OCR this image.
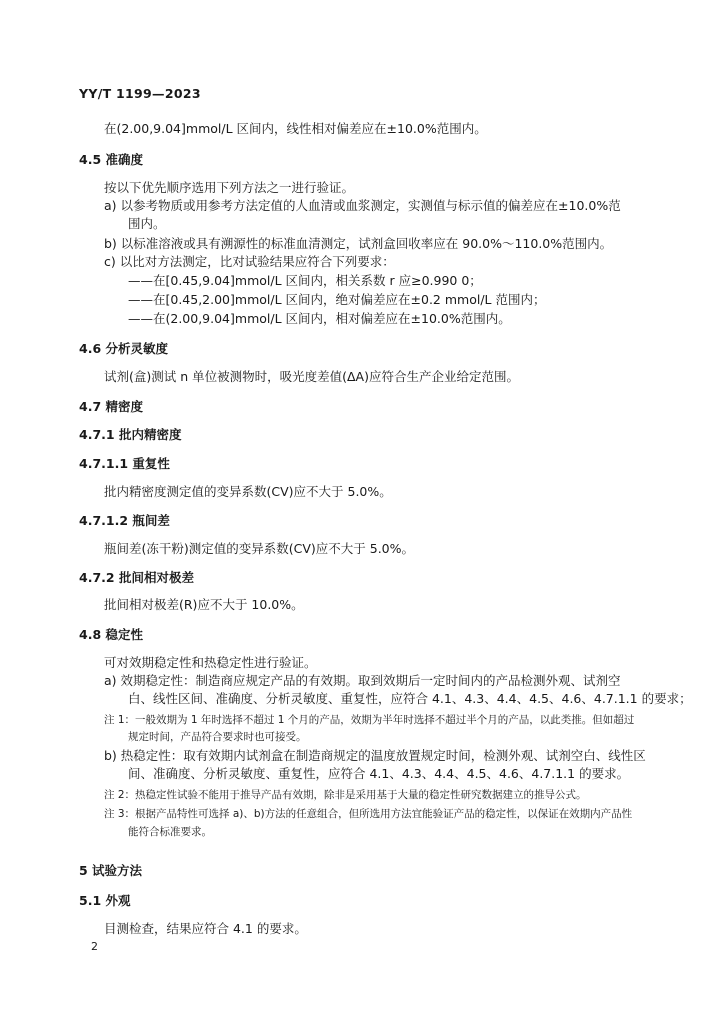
YY/T 1199—2023
在(2.00,9.04]mmol/L 区间内，线性相对偏差应在±10.0%范围内。
4.5 准确度
按以下优先顺序选用下列方法之一进行验证。
a) 以参考物质或用参考方法定值的人血清或血浆测定，实测值与标示值的偏差应在±10.0%范
围内。
b) 以标准溶液或具有溯源性的标准血清测定，试剂盒回收率应在 90.0%～110.0%范围内。
c) 以比对方法测定，比对试验结果应符合下列要求：
——在[0.45,9.04]mmol/L 区间内，相关系数 r 应≥0.990 0；
——在[0.45,2.00]mmol/L 区间内，绝对偏差应在±0.2 mmol/L 范围内；
——在(2.00,9.04]mmol/L 区间内，相对偏差应在±10.0%范围内。
4.6 分析灵敏度
试剂(盒)测试 n 单位被测物时，吸光度差值(ΔA)应符合生产企业给定范围。
4.7 精密度
4.7.1 批内精密度
4.7.1.1 重复性
批内精密度测定值的变异系数(CV)应不大于 5.0%。
4.7.1.2 瓶间差
瓶间差(冻干粉)测定值的变异系数(CV)应不大于 5.0%。
4.7.2 批间相对极差
批间相对极差(R)应不大于 10.0%。
4.8 稳定性
可对效期稳定性和热稳定性进行验证。
a) 效期稳定性：制造商应规定产品的有效期。取到效期后一定时间内的产品检测外观、试剂空
白、线性区间、准确度、分析灵敏度、重复性，应符合 4.1、4.3、4.4、4.5、4.6、4.7.1.1 的要求；
注 1：一般效期为 1 年时选择不超过 1 个月的产品，效期为半年时选择不超过半个月的产品，以此类推。但如超过
规定时间，产品符合要求时也可接受。
b) 热稳定性：取有效期内试剂盒在制造商规定的温度放置规定时间，检测外观、试剂空白、线性区
间、准确度、分析灵敏度、重复性，应符合 4.1、4.3、4.4、4.5、4.6、4.7.1.1 的要求。
注 2：热稳定性试验不能用于推导产品有效期，除非是采用基于大量的稳定性研究数据建立的推导公式。
注 3：根据产品特性可选择 a)、b)方法的任意组合，但所选用方法宜能验证产品的稳定性，以保证在效期内产品性
能符合标准要求。
5 试验方法
5.1 外观
目测检查，结果应符合 4.1 的要求。
2
